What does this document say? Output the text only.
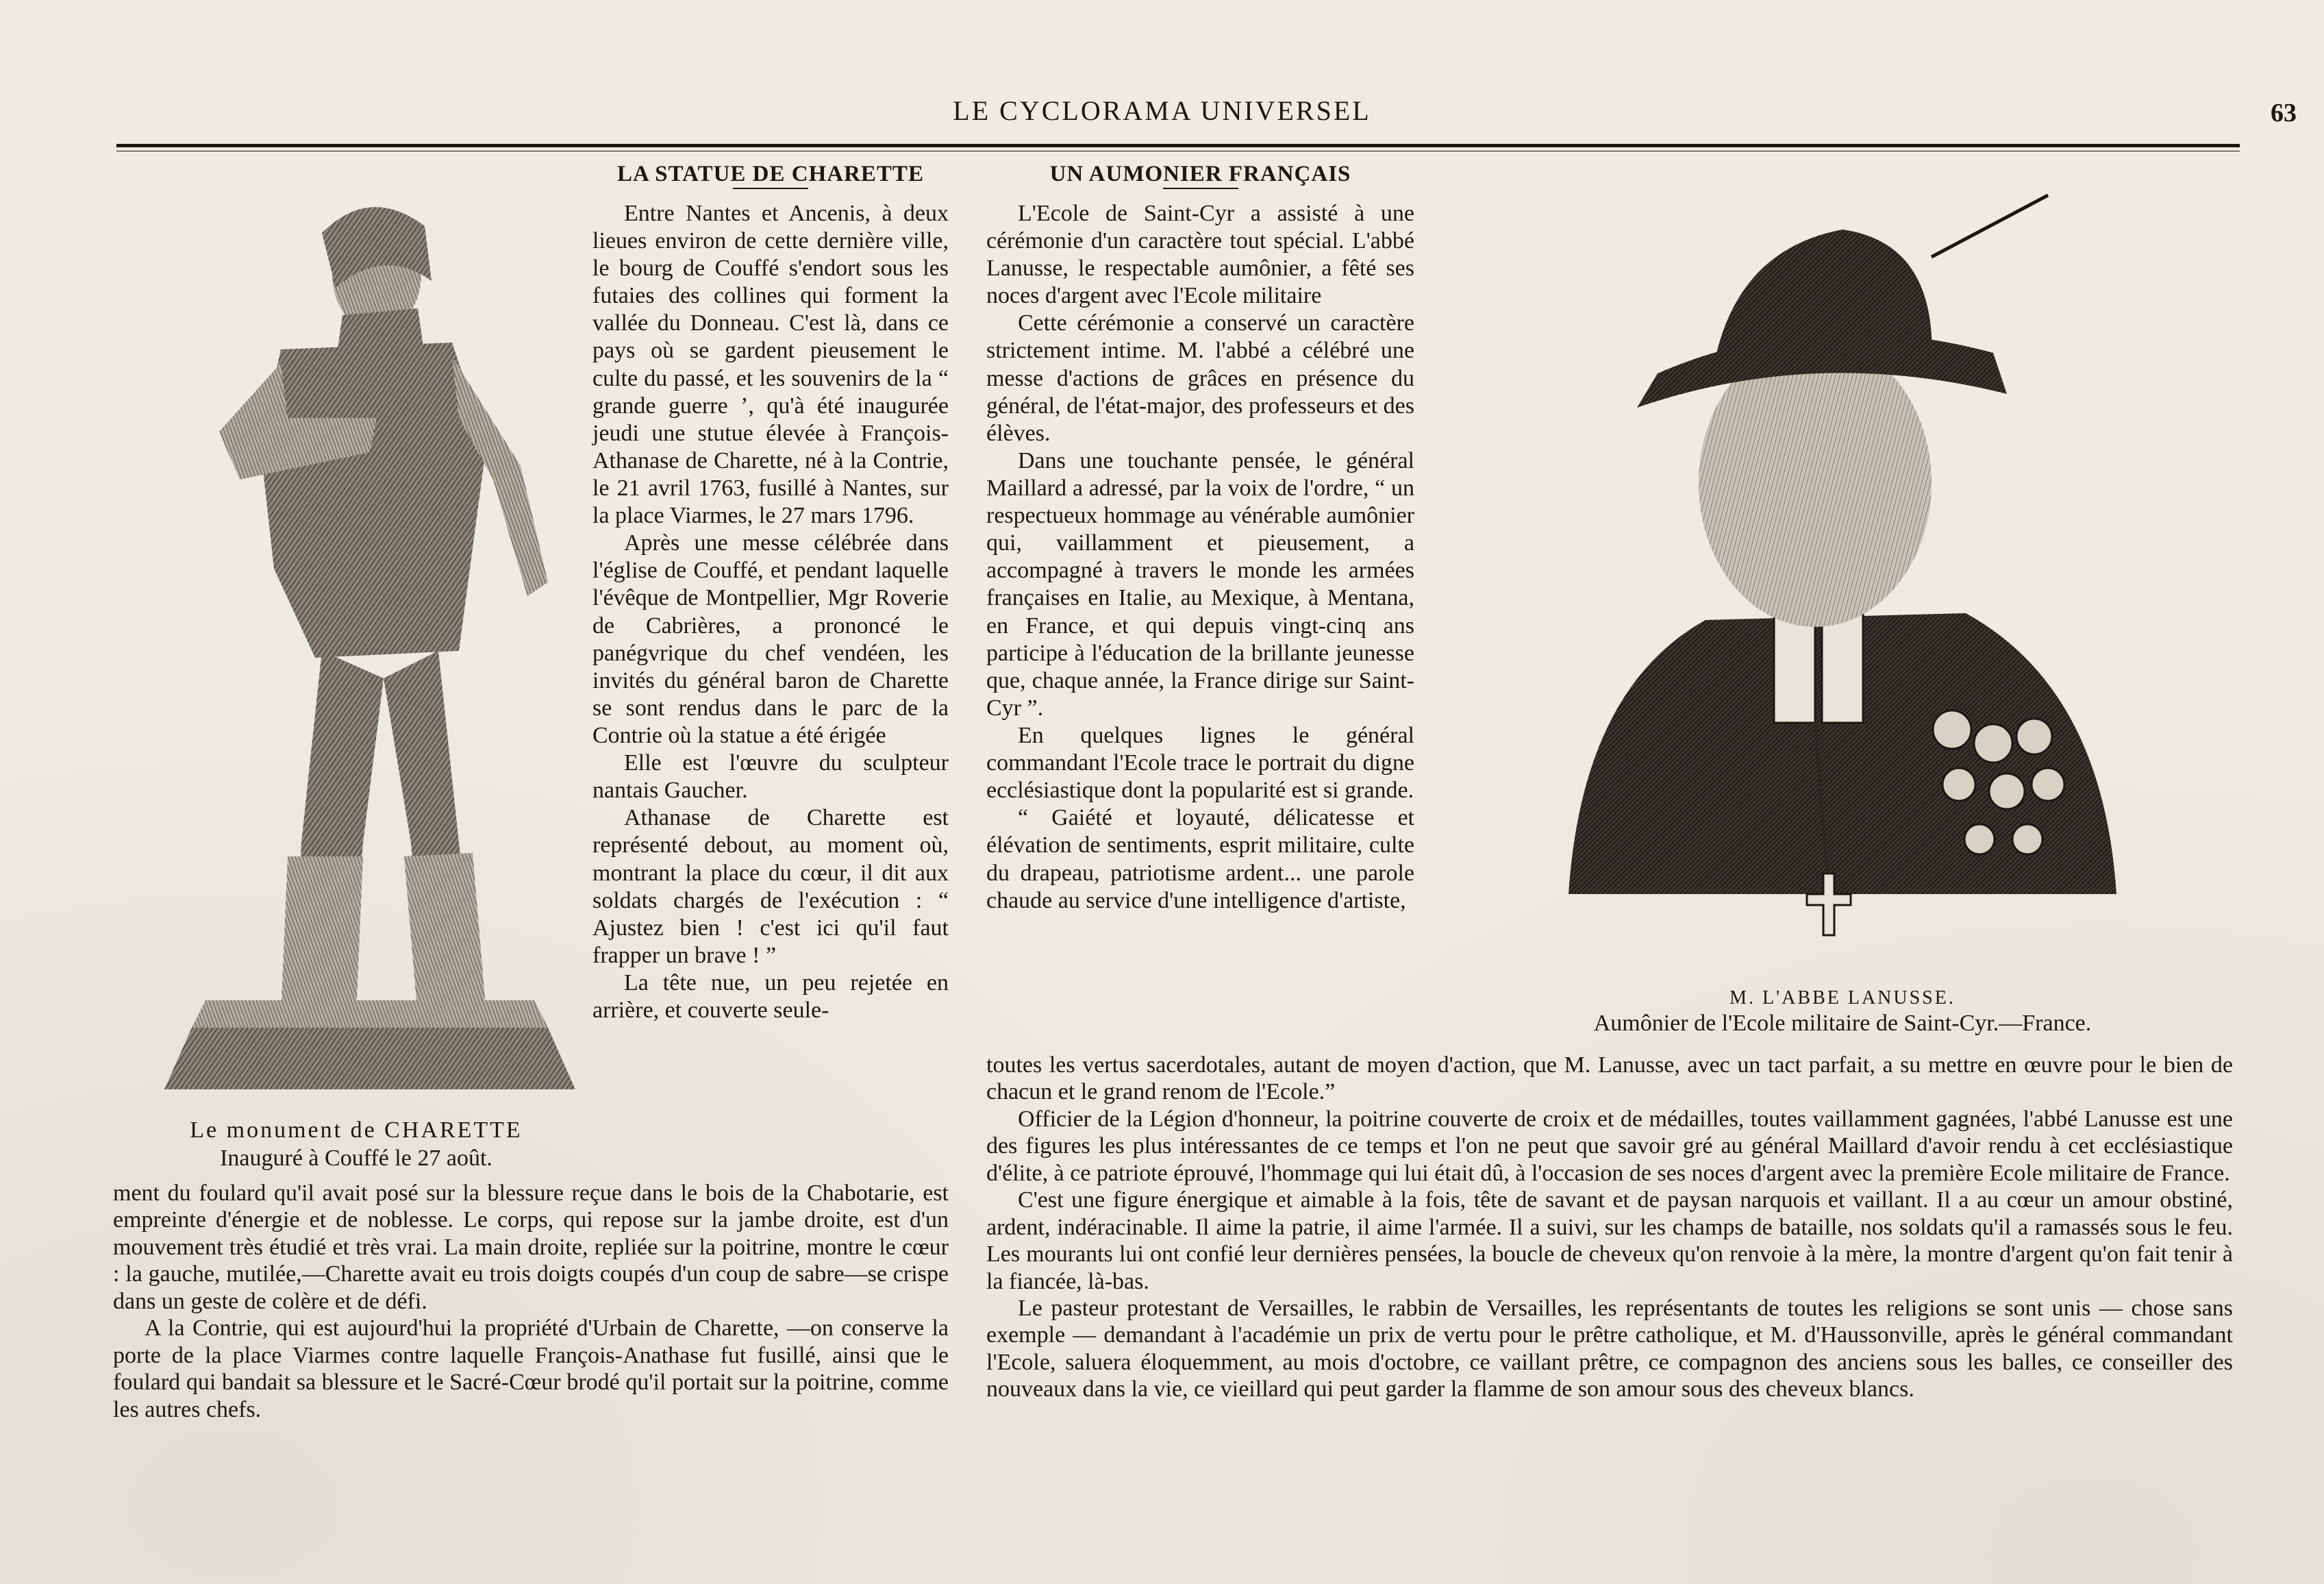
LE CYCLORAMA UNIVERSEL	63
Le monument de CHARETTE
Inauguré à Couffé le 27 août.

LA STATUE DE CHARETTE

Entre Nantes et Ancenis, à deux lieues environ de cette dernière ville, le bourg de Couffé s'endort sous les futaies des collines qui forment la vallée du Donneau. C'est là, dans ce pays où se gardent pieusement le culte du passé, et les souvenirs de la “ grande guerre ’, qu'à été inaugurée jeudi une stutue élevée à François-Athanase de Charette, né à la Contrie, le 21 avril 1763, fusillé à Nantes, sur la place Viarmes, le 27 mars 1796.

Après une messe célébrée dans l'église de Couffé, et pendant laquelle l'évêque de Montpellier, Mgr Roverie de Cabrières, a prononcé le panégvrique du chef vendéen, les invités du général baron de Charette se sont rendus dans le parc de la Contrie où la statue a été érigée

Elle est l'œuvre du sculpteur nantais Gaucher.

Athanase de Charette est représenté debout, au moment où, montrant la place du cœur, il dit aux soldats chargés de l'exécution : “ Ajustez bien ! c'est ici qu'il faut frapper un brave ! ”

La tête nue, un peu rejetée en arrière, et couverte seule-

UN AUMONIER FRANÇAIS

L'Ecole de Saint-Cyr a assisté à une cérémonie d'un caractère tout spécial. L'abbé Lanusse, le respectable aumônier, a fêté ses noces d'argent avec l'Ecole militaire

Cette cérémonie a conservé un caractère strictement intime. M. l'abbé a célébré une messe d'actions de grâces en présence du général, de l'état-major, des professeurs et des élèves.

Dans une touchante pensée, le général Maillard a adressé, par la voix de l'ordre, “ un respectueux hommage au vénérable aumônier qui, vaillamment et pieusement, a accompagné à travers le monde les armées françaises en Italie, au Mexique, à Mentana, en France, et qui depuis vingt-cinq ans participe à l'éducation de la brillante jeunesse que, chaque année, la France dirige sur Saint-Cyr ”.

En quelques lignes le général commandant l'Ecole trace le portrait du digne ecclésiastique dont la popularité est si grande.

“ Gaiété et loyauté, délicatesse et élévation de sentiments, esprit militaire, culte du drapeau, patriotisme ardent... une parole chaude au service d'une intelligence d'artiste,

M. L'ABBE LANUSSE.
Aumônier de l'Ecole militaire de Saint-Cyr.—France.

ment du foulard qu'il avait posé sur la blessure reçue dans le bois de la Chabotarie, est empreinte d'énergie et de noblesse. Le corps, qui repose sur la jambe droite, est d'un mouvement très étudié et très vrai. La main droite, repliée sur la poitrine, montre le cœur : la gauche, mutilée,—Charette avait eu trois doigts coupés d'un coup de sabre—se crispe dans un geste de colère et de défi.

A la Contrie, qui est aujourd'hui la propriété d'Urbain de Charette, —on conserve la porte de la place Viarmes contre laquelle François-Anathase fut fusillé, ainsi que le foulard qui bandait sa blessure et le Sacré-Cœur brodé qu'il portait sur la poitrine, comme les autres chefs.

toutes les vertus sacerdotales, autant de moyen d'action, que M. Lanusse, avec un tact parfait, a su mettre en œuvre pour le bien de chacun et le grand renom de l'Ecole.”

Officier de la Légion d'honneur, la poitrine couverte de croix et de médailles, toutes vaillamment gagnées, l'abbé Lanusse est une des figures les plus intéressantes de ce temps et l'on ne peut que savoir gré au général Maillard d'avoir rendu à cet ecclésiastique d'élite, à ce patriote éprouvé, l'hommage qui lui était dû, à l'occasion de ses noces d'argent avec la première Ecole militaire de France.

C'est une figure énergique et aimable à la fois, tête de savant et de paysan narquois et vaillant. Il a au cœur un amour obstiné, ardent, indéracinable. Il aime la patrie, il aime l'armée. Il a suivi, sur les champs de bataille, nos soldats qu'il a ramassés sous le feu. Les mourants lui ont confié leur dernières pensées, la boucle de cheveux qu'on renvoie à la mère, la montre d'argent qu'on fait tenir à la fiancée, là-bas.

Le pasteur protestant de Versailles, le rabbin de Versailles, les représentants de toutes les religions se sont unis — chose sans exemple — demandant à l'académie un prix de vertu pour le prêtre catholique, et M. d'Haussonville, après le général commandant l'Ecole, saluera éloquemment, au mois d'octobre, ce vaillant prêtre, ce compagnon des anciens sous les balles, ce conseiller des nouveaux dans la vie, ce vieillard qui peut garder la flamme de son amour sous des cheveux blancs.
